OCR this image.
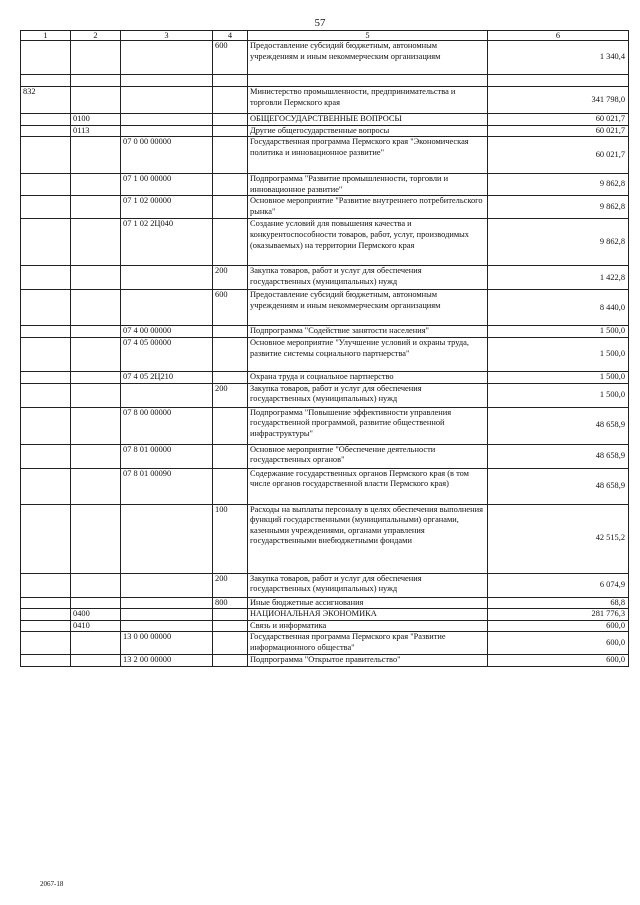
57
1	2	3	4	5	6
			600	Предоставление субсидий бюджетным, автономным учреждениям и иным некоммерческим организациям	1 340,4

832				Министерство промышленности, предпринимательства и торговли Пермского края	341 798,0
	0100			ОБЩЕГОСУДАРСТВЕННЫЕ ВОПРОСЫ	60 021,7
	0113			Другие общегосударственные вопросы	60 021,7
		07 0 00 00000		Государственная программа Пермского края "Экономическая политика и инновационное развитие"	60 021,7
		07 1 00 00000		Подпрограмма "Развитие промышленности, торговли и инновационное развитие"	9 862,8
		07 1 02 00000		Основное мероприятие "Развитие внутреннего потребительского рынка"	9 862,8
		07 1 02 2Ц040		Создание условий для повышения качества и конкурентоспособности товаров, работ, услуг, производимых (оказываемых) на территории Пермского края	9 862,8
			200	Закупка товаров, работ и услуг для обеспечения государственных (муниципальных) нужд	1 422,8
			600	Предоставление субсидий бюджетным, автономным учреждениям и иным некоммерческим организациям	8 440,0
		07 4 00 00000		Подпрограмма "Содействие занятости населения"	1 500,0
		07 4 05 00000		Основное мероприятие "Улучшение условий и охраны труда, развитие системы социального партнерства"	1 500,0
		07 4 05 2Ц210		Охрана труда и социальное партнерство	1 500,0
			200	Закупка товаров, работ и услуг для обеспечения государственных (муниципальных) нужд	1 500,0
		07 8 00 00000		Подпрограмма "Повышение эффективности управления государственной программой, развитие общественной инфраструктуры"	48 658,9
		07 8 01 00000		Основное мероприятие "Обеспечение деятельности государственных органов"	48 658,9
		07 8 01 00090		Содержание государственных органов Пермского края (в том числе органов государственной власти Пермского края)	48 658,9
			100	Расходы на выплаты персоналу в целях обеспечения выполнения функций государственными (муниципальными) органами, казенными учреждениями, органами управления государственными внебюджетными фондами	42 515,2
			200	Закупка товаров, работ и услуг для обеспечения государственных (муниципальных) нужд	6 074,9
			800	Иные бюджетные ассигнования	68,8
	0400			НАЦИОНАЛЬНАЯ ЭКОНОМИКА	281 776,3
	0410			Связь и информатика	600,0
		13 0 00 00000		Государственная программа Пермского края "Развитие информационного общества"	600,0
		13 2 00 00000		Подпрограмма "Открытое правительство"	600,0
2067-18
